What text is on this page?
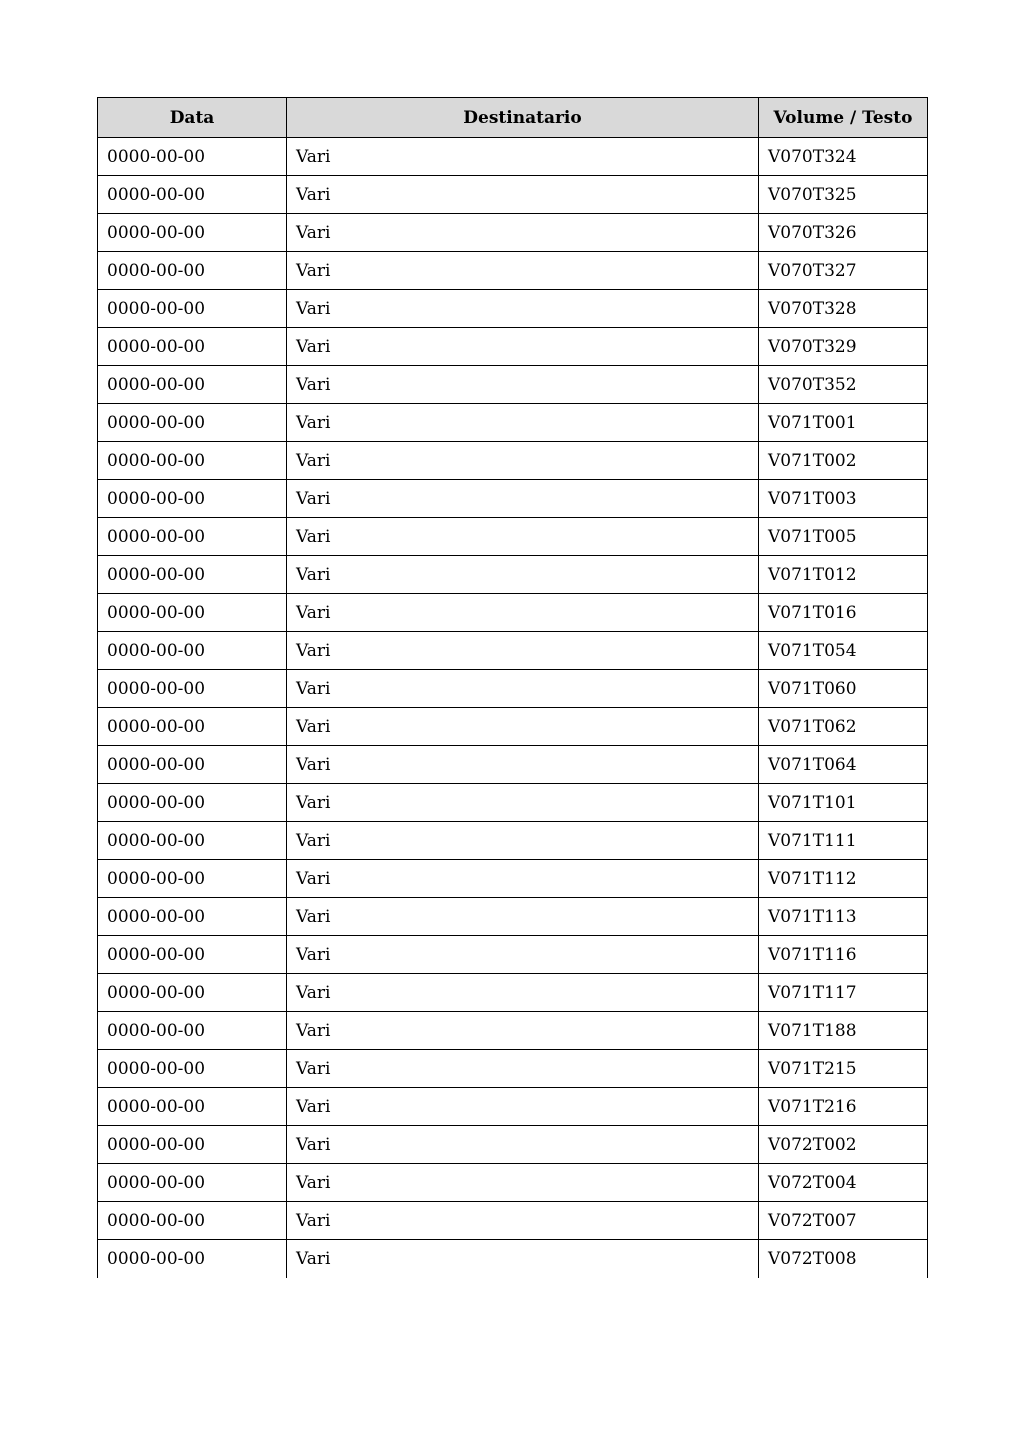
Data	Destinatario	Volume / Testo
0000-00-00	Vari	V070T324
0000-00-00	Vari	V070T325
0000-00-00	Vari	V070T326
0000-00-00	Vari	V070T327
0000-00-00	Vari	V070T328
0000-00-00	Vari	V070T329
0000-00-00	Vari	V070T352
0000-00-00	Vari	V071T001
0000-00-00	Vari	V071T002
0000-00-00	Vari	V071T003
0000-00-00	Vari	V071T005
0000-00-00	Vari	V071T012
0000-00-00	Vari	V071T016
0000-00-00	Vari	V071T054
0000-00-00	Vari	V071T060
0000-00-00	Vari	V071T062
0000-00-00	Vari	V071T064
0000-00-00	Vari	V071T101
0000-00-00	Vari	V071T111
0000-00-00	Vari	V071T112
0000-00-00	Vari	V071T113
0000-00-00	Vari	V071T116
0000-00-00	Vari	V071T117
0000-00-00	Vari	V071T188
0000-00-00	Vari	V071T215
0000-00-00	Vari	V071T216
0000-00-00	Vari	V072T002
0000-00-00	Vari	V072T004
0000-00-00	Vari	V072T007
0000-00-00	Vari	V072T008
